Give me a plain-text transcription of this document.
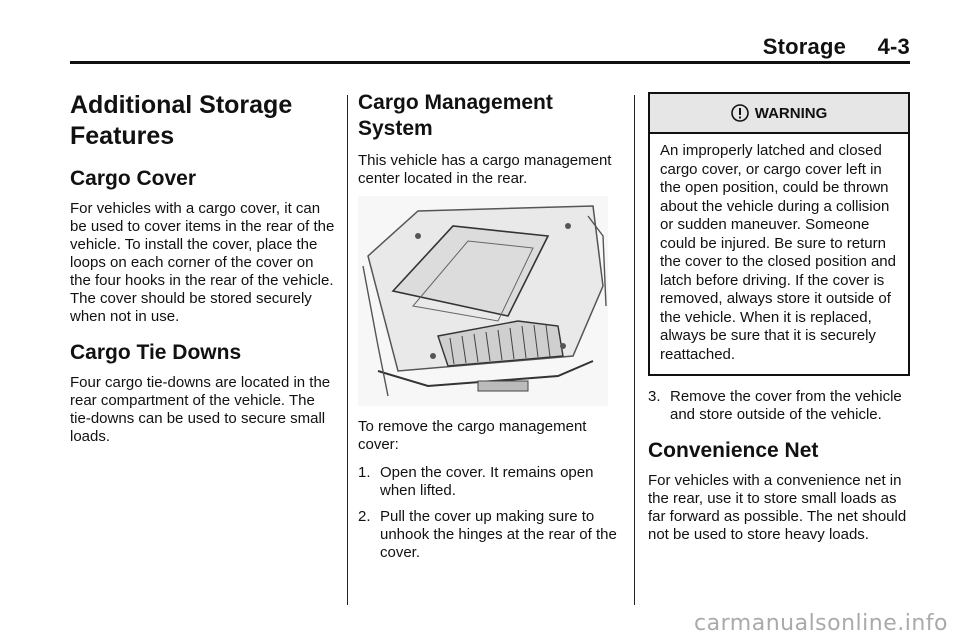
Storage 4-3
Additional Storage Features
Cargo Cover
For vehicles with a cargo cover, it can be used to cover items in the rear of the vehicle. To install the cover, place the loops on each corner of the cover on the four hooks in the rear of the vehicle. The cover should be stored securely when not in use.
Cargo Tie Downs
Four cargo tie-downs are located in the rear compartment of the vehicle. The tie-downs can be used to secure small loads.
Cargo Management System
This vehicle has a cargo management center located in the rear.
To remove the cargo management cover:
1. Open the cover. It remains open when lifted.
2. Pull the cover up making sure to unhook the hinges at the rear of the cover.
WARNING
An improperly latched and closed cargo cover, or cargo cover left in the open position, could be thrown about the vehicle during a collision or sudden maneuver. Someone could be injured. Be sure to return the cover to the closed position and latch before driving. If the cover is removed, always store it outside of the vehicle. When it is replaced, always be sure that it is securely reattached.
3. Remove the cover from the vehicle and store outside of the vehicle.
Convenience Net
For vehicles with a convenience net in the rear, use it to store small loads as far forward as possible. The net should not be used to store heavy loads.
carmanualsonline.info
